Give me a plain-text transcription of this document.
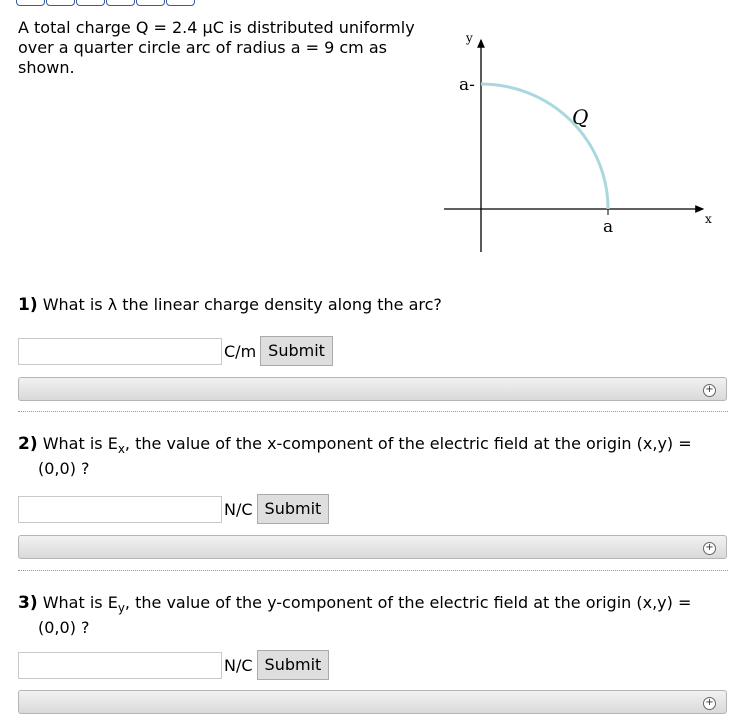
A total charge Q = 2.4 μC is distributed uniformly
over a quarter circle arc of radius a = 9 cm as
shown.
y
x
a-
a
Q
1) What is λ the linear charge density along the arc?
C/m Submit
+
2) What is $E_x$, the value of the x-component of the electric field at the origin (x,y) =
(0,0) ?
N/C Submit
+
3) What is $E_y$, the value of the y-component of the electric field at the origin (x,y) =
(0,0) ?
N/C Submit
+
